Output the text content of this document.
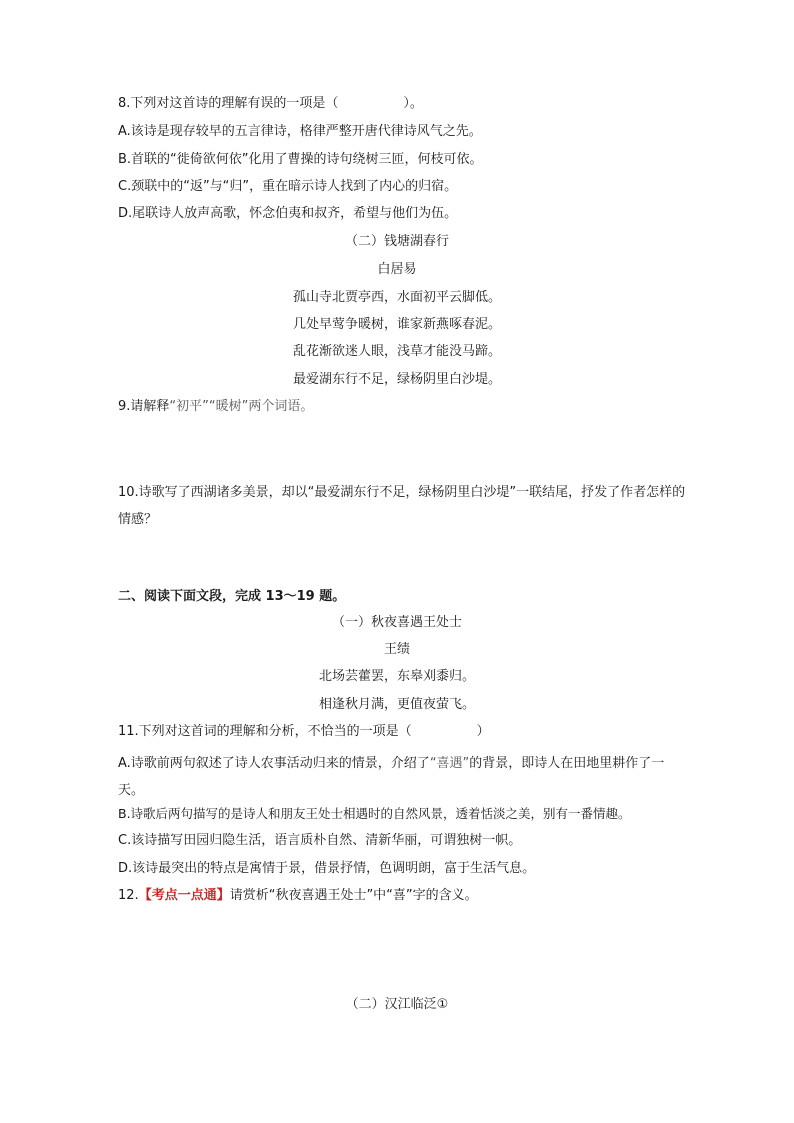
8.下列对这首诗的理解有误的一项是（　　　　　）。
A.该诗是现存较早的五言律诗，格律严整开唐代律诗风气之先。
B.首联的“徙倚欲何依”化用了曹操的诗句绕树三匝，何枝可依。
C.颈联中的“返”与“归”，重在暗示诗人找到了内心的归宿。
D.尾联诗人放声高歌，怀念伯夷和叔齐，希望与他们为伍。
（二）钱塘湖春行
白居易
孤山寺北贾亭西，水面初平云脚低。
几处早莺争暖树，谁家新燕啄春泥。
乱花渐欲迷人眼，浅草才能没马蹄。
最爱湖东行不足，绿杨阴里白沙堤。
9.请解释“初平”“暖树”两个词语。
10.诗歌写了西湖诸多美景，却以“最爱湖东行不足，绿杨阴里白沙堤”一联结尾，抒发了作者怎样的情感？
二、阅读下面文段，完成 13～19 题。
（一）秋夜喜遇王处士
王绩
北场芸藿罢，东皋刈黍归。
相逢秋月满，更值夜萤飞。
11.下列对这首词的理解和分析，不恰当的一项是（　　　　　）
A.诗歌前两句叙述了诗人农事活动归来的情景，介绍了“喜遇”的背景，即诗人在田地里耕作了一天。
B.诗歌后两句描写的是诗人和朋友王处士相遇时的自然风景，透着恬淡之美，别有一番情趣。
C.该诗描写田园归隐生活，语言质朴自然、清新华丽，可谓独树一帜。
D.该诗最突出的特点是寓情于景，借景抒情，色调明朗，富于生活气息。
12.【考点一点通】请赏析“秋夜喜遇王处士”中“喜”字的含义。
（二）汉江临泛①
